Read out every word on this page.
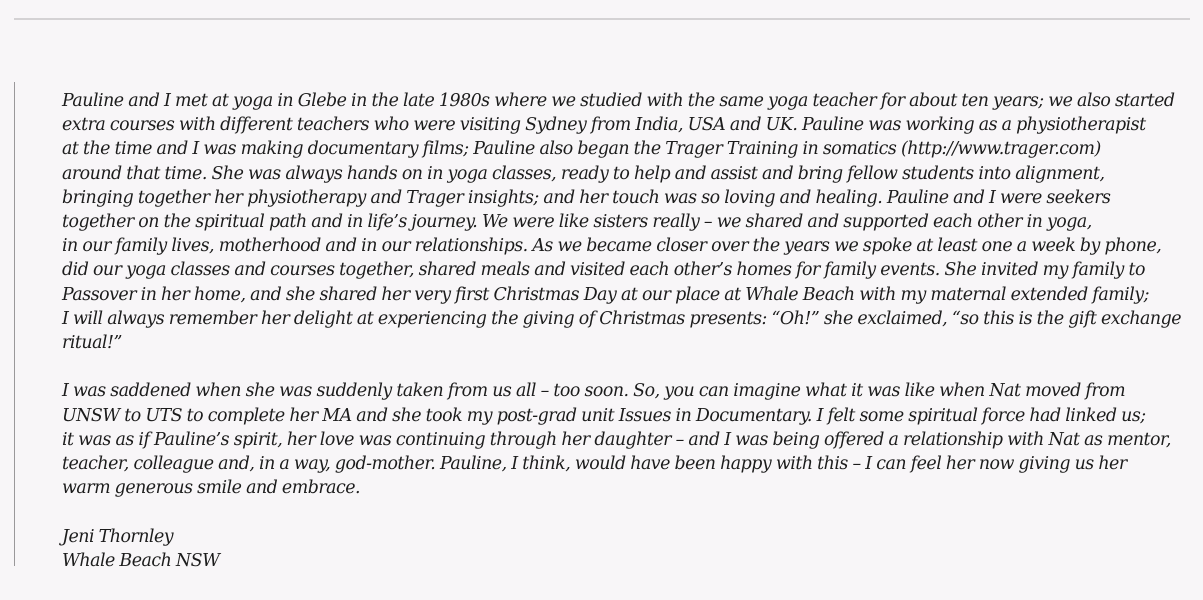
Pauline and I met at yoga in Glebe in the late 1980s where we studied with the same yoga teacher for about ten years; we also started
extra courses with different teachers who were visiting Sydney from India, USA and UK. Pauline was working as a physiotherapist
at the time and I was making documentary films; Pauline also began the Trager Training in somatics (http://www.trager.com)
around that time. She was always hands on in yoga classes, ready to help and assist and bring fellow students into alignment,
bringing together her physiotherapy and Trager insights; and her touch was so loving and healing. Pauline and I were seekers
together on the spiritual path and in life’s journey. We were like sisters really – we shared and supported each other in yoga,
in our family lives, motherhood and in our relationships. As we became closer over the years we spoke at least one a week by phone,
did our yoga classes and courses together, shared meals and visited each other’s homes for family events. She invited my family to
Passover in her home, and she shared her very first Christmas Day at our place at Whale Beach with my maternal extended family;
I will always remember her delight at experiencing the giving of Christmas presents: “Oh!” she exclaimed, “so this is the gift exchange
ritual!”
I was saddened when she was suddenly taken from us all – too soon. So, you can imagine what it was like when Nat moved from
UNSW to UTS to complete her MA and she took my post-grad unit Issues in Documentary. I felt some spiritual force had linked us;
it was as if Pauline’s spirit, her love was continuing through her daughter – and I was being offered a relationship with Nat as mentor,
teacher, colleague and, in a way, god-mother. Pauline, I think, would have been happy with this – I can feel her now giving us her
warm generous smile and embrace.
Jeni Thornley
Whale Beach NSW
